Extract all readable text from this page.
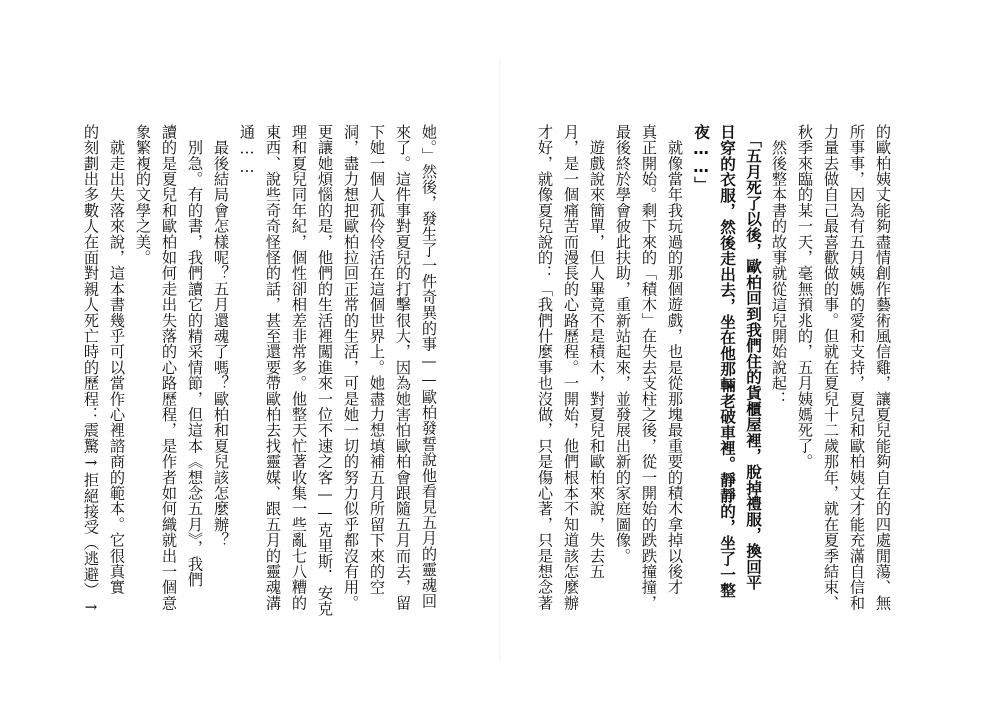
的歐柏姨丈能夠盡情創作藝術風信雞，讓夏兒能夠自在的四處閒蕩、無
所事事，因為有五月姨媽的愛和支持，夏兒和歐柏姨丈才能充滿自信和
力量去做自己最喜歡做的事。但就在夏兒十二歲那年，就在夏季結束、
秋季來臨的某一天，毫無預兆的，五月姨媽死了。
　然後整本書的故事就從這兒開始說起：
　「五月死了以後，歐柏回到我們住的貨櫃屋裡，脫掉禮服，換回平
日穿的衣服，然後走出去，坐在他那輛老破車裡。靜靜的，坐了一整
夜……」
　就像當年我玩過的那個遊戲，也是從那塊最重要的積木拿掉以後才
真正開始。剩下來的「積木」在失去支柱之後，從一開始的跌跌撞撞，
最後終於學會彼此扶助，重新站起來，並發展出新的家庭圖像。
　遊戲說來簡單，但人畢竟不是積木，對夏兒和歐柏來說，失去五
月，是一個痛苦而漫長的心路歷程。一開始，他們根本不知道該怎麼辦
才好，就像夏兒說的：「我們什麼事也沒做，只是傷心著，只是想念著
她。」然後，發生了一件奇異的事——歐柏發誓說他看見五月的靈魂回
來了。這件事對夏兒的打擊很大，因為她害怕歐柏會跟隨五月而去，留
下她一個人孤伶伶活在這個世界上。她盡力想填補五月所留下來的空
洞，盡力想把歐柏拉回正常的生活，可是她一切的努力似乎都沒有用。
更讓她煩惱的是，他們的生活裡闖進來一位不速之客——克里斯．安克
理和夏兒同年紀，個性卻相差非常多。他整天忙著收集一些亂七八糟的
東西、說些奇奇怪怪的話，甚至還要帶歐柏去找靈媒、跟五月的靈魂溝
通……
　最後結局會怎樣呢？五月還魂了嗎？歐柏和夏兒該怎麼辦？
　別急。有的書，我們讀它的精采情節，但這本《想念五月》，我們
讀的是夏兒和歐柏如何走出失落的心路歷程，是作者如何織就出一個意
象繁複的文學之美。
　就走出失落來說，這本書幾乎可以當作心裡諮商的範本。它很真實
的刻劃出多數人在面對親人死亡時的歷程：震驚→拒絕接受（逃避）→
